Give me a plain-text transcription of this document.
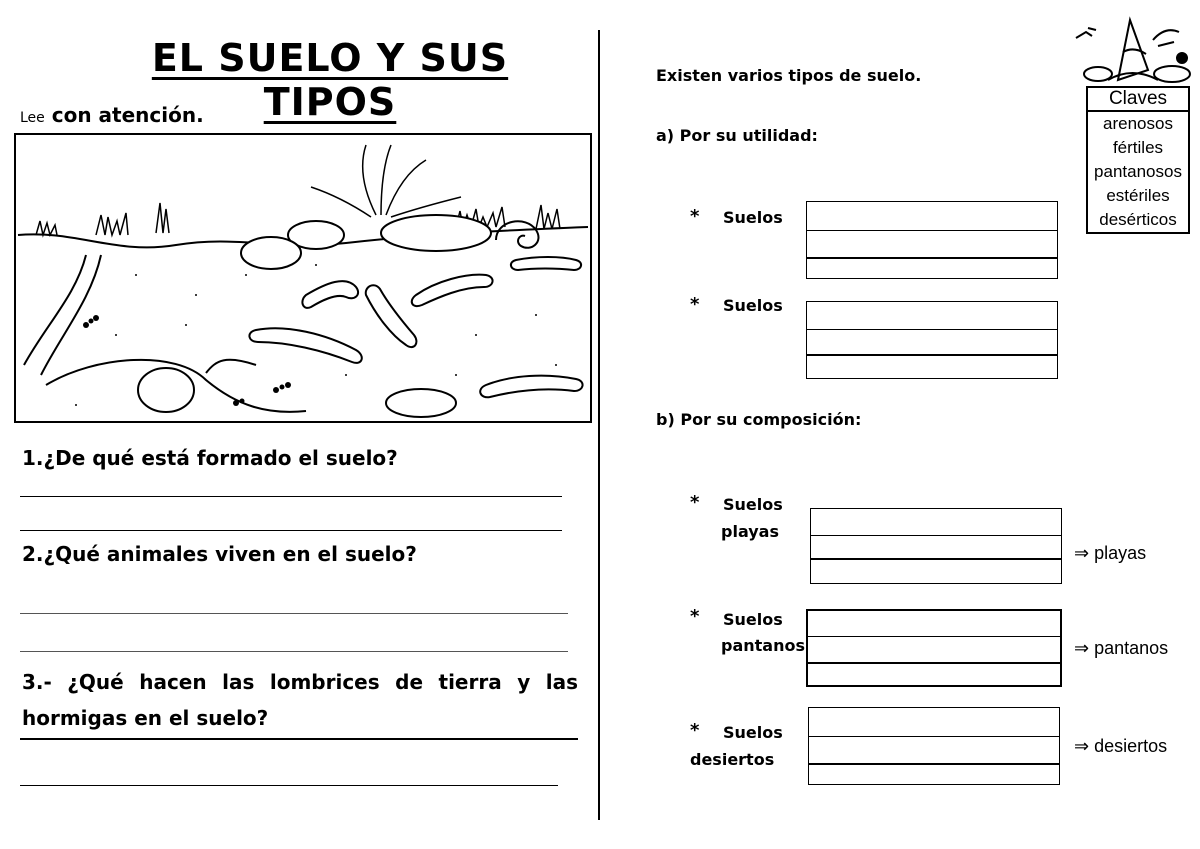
EL SUELO Y SUS TIPOS
Lee con atención.
1.¿De qué está formado el suelo?
2.¿Qué animales viven en el suelo?
3.- ¿Qué hacen las lombrices de tierra y las hormigas en el suelo?
Existen varios tipos de suelo.
a) Por su utilidad:
* Suelos
* Suelos
b) Por su composición:
* Suelos
playas
⇒ playas
* Suelos
pantanos	⇒ pantanos
* Suelos
desiertos
⇒ desiertos
Claves
arenosos
fértiles
pantanosos
estériles
desérticos
